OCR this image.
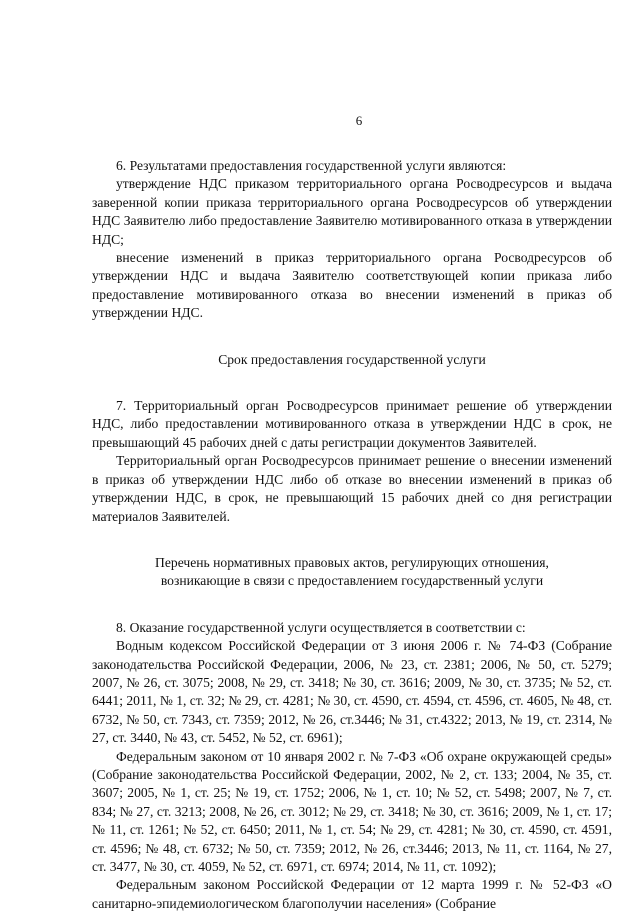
6

6. Результатами предоставления государственной услуги являются:

утверждение НДС приказом территориального органа Росводресурсов и выдача заверенной копии приказа территориального органа Росводресурсов об утверждении НДС Заявителю либо предоставление Заявителю мотивированного отказа в утверждении НДС;

внесение изменений в приказ территориального органа Росводресурсов об утверждении НДС и выдача Заявителю соответствующей копии приказа либо предоставление мотивированного отказа во внесении изменений в приказ об утверждении НДС.

Срок предоставления государственной услуги

7. Территориальный орган Росводресурсов принимает решение об утверждении НДС, либо предоставлении мотивированного отказа в утверждении НДС в срок, не превышающий 45 рабочих дней с даты регистрации документов Заявителей.

Территориальный орган Росводресурсов принимает решение о внесении изменений в приказ об утверждении НДС либо об отказе во внесении изменений в приказ об утверждении НДС, в срок, не превышающий 15 рабочих дней со дня регистрации материалов Заявителей.

Перечень нормативных правовых актов, регулирующих отношения,
возникающие в связи с предоставлением государственный услуги

8. Оказание государственной услуги осуществляется в соответствии с:

Водным кодексом Российской Федерации от 3 июня 2006 г. № 74-ФЗ (Собрание законодательства Российской Федерации, 2006, № 23, ст. 2381; 2006, № 50, ст. 5279; 2007, № 26, ст. 3075; 2008, № 29, ст. 3418; № 30, ст. 3616; 2009, № 30, ст. 3735; № 52, ст. 6441; 2011, № 1, ст. 32; № 29, ст. 4281; № 30, ст. 4590, ст. 4594, ст. 4596, ст. 4605, № 48, ст. 6732, № 50, ст. 7343, ст. 7359; 2012, № 26, ст.3446; № 31, ст.4322; 2013, № 19, ст. 2314, № 27, ст. 3440, № 43, ст. 5452, № 52, ст. 6961);

Федеральным законом от 10 января 2002 г. № 7-ФЗ «Об охране окружающей среды» (Собрание законодательства Российской Федерации, 2002, № 2, ст. 133; 2004, № 35, ст. 3607; 2005, № 1, ст. 25; № 19, ст. 1752; 2006, № 1, ст. 10; № 52, ст. 5498; 2007, № 7, ст. 834; № 27, ст. 3213; 2008, № 26, ст. 3012; № 29, ст. 3418; № 30, ст. 3616; 2009, № 1, ст. 17; № 11, ст. 1261; № 52, ст. 6450; 2011, № 1, ст. 54; № 29, ст. 4281; № 30, ст. 4590, ст. 4591, ст. 4596; № 48, ст. 6732; № 50, ст. 7359; 2012, № 26, ст.3446; 2013, № 11, ст. 1164, № 27, ст. 3477, № 30, ст. 4059, № 52, ст. 6971, ст. 6974; 2014, № 11, ст. 1092);

Федеральным законом Российской Федерации от 12 марта 1999 г. № 52-ФЗ «О санитарно-эпидемиологическом благополучии населения» (Собрание
